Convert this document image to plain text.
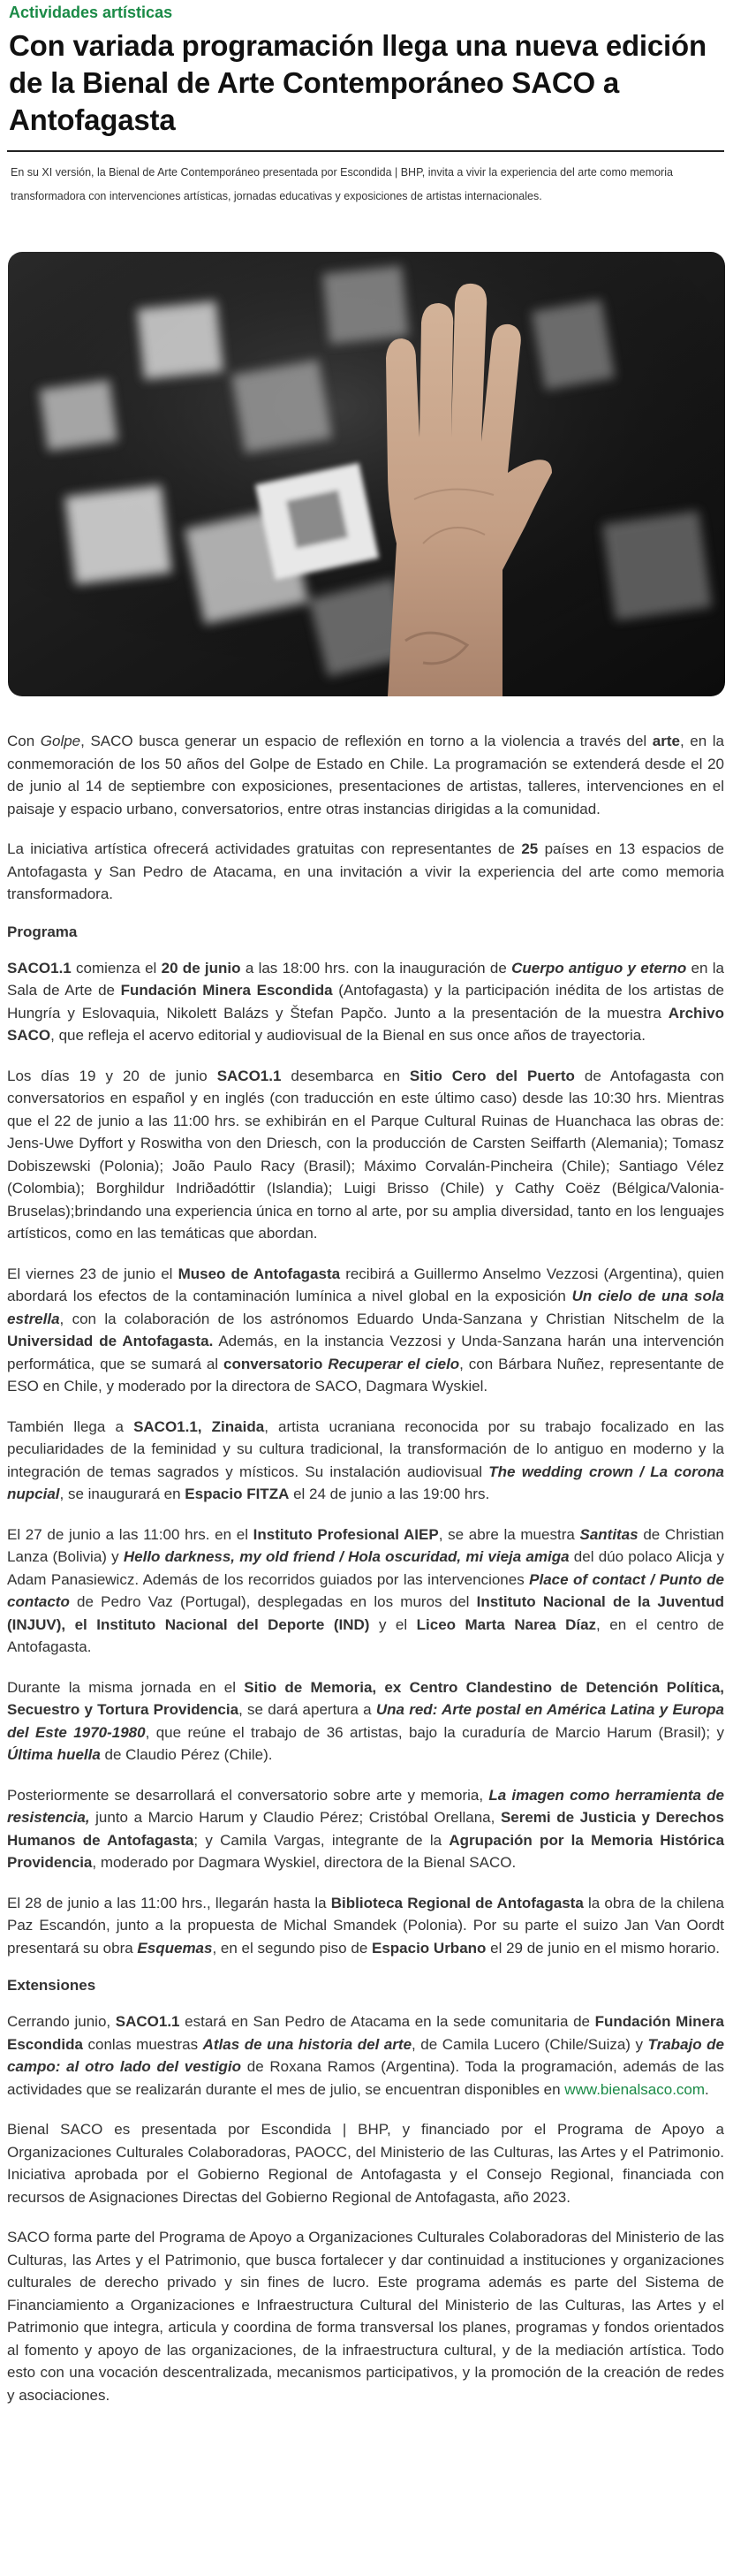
Actividades artísticas
Con variada programación llega una nueva edición de la Bienal de Arte Contemporáneo SACO a Antofagasta
En su XI versión, la Bienal de Arte Contemporáneo presentada por Escondida | BHP, invita a vivir la experiencia del arte como memoria transformadora con intervenciones artísticas, jornadas educativas y exposiciones de artistas internacionales.

Con Golpe, SACO busca generar un espacio de reflexión en torno a la violencia a través del arte, en la conmemoración de los 50 años del Golpe de Estado en Chile. La programación se extenderá desde el 20 de junio al 14 de septiembre con exposiciones, presentaciones de artistas, talleres, intervenciones en el paisaje y espacio urbano, conversatorios, entre otras instancias dirigidas a la comunidad.

La iniciativa artística ofrecerá actividades gratuitas con representantes de 25 países en 13 espacios de Antofagasta y San Pedro de Atacama, en una invitación a vivir la experiencia del arte como memoria transformadora.

Programa

SACO1.1 comienza el 20 de junio a las 18:00 hrs. con la inauguración de Cuerpo antiguo y eterno en la Sala de Arte de Fundación Minera Escondida (Antofagasta) y la participación inédita de los artistas de Hungría y Eslovaquia, Nikolett Balázs y Štefan Papčo. Junto a la presentación de la muestra Archivo SACO, que refleja el acervo editorial y audiovisual de la Bienal en sus once años de trayectoria.

Los días 19 y 20 de junio SACO1.1 desembarca en Sitio Cero del Puerto de Antofagasta con conversatorios en español y en inglés (con traducción en este último caso) desde las 10:30 hrs. Mientras que el 22 de junio a las 11:00 hrs. se exhibirán en el Parque Cultural Ruinas de Huanchaca las obras de: Jens-Uwe Dyffort y Roswitha von den Driesch, con la producción de Carsten Seiffarth (Alemania); Tomasz Dobiszewski (Polonia); João Paulo Racy (Brasil); Máximo Corvalán-Pincheira (Chile); Santiago Vélez (Colombia); Borghildur Indriðadóttir (Islandia); Luigi Brisso (Chile) y Cathy Coëz (Bélgica/Valonia-Bruselas);brindando una experiencia única en torno al arte, por su amplia diversidad, tanto en los lenguajes artísticos, como en las temáticas que abordan.

El viernes 23 de junio el Museo de Antofagasta recibirá a Guillermo Anselmo Vezzosi (Argentina), quien abordará los efectos de la contaminación lumínica a nivel global en la exposición Un cielo de una sola estrella, con la colaboración de los astrónomos Eduardo Unda-Sanzana y Christian Nitschelm de la Universidad de Antofagasta. Además, en la instancia Vezzosi y Unda-Sanzana harán una intervención performática, que se sumará al conversatorio Recuperar el cielo, con Bárbara Nuñez, representante de ESO en Chile, y moderado por la directora de SACO, Dagmara Wyskiel.

También llega a SACO1.1, Zinaida, artista ucraniana reconocida por su trabajo focalizado en las peculiaridades de la feminidad y su cultura tradicional, la transformación de lo antiguo en moderno y la integración de temas sagrados y místicos. Su instalación audiovisual The wedding crown / La corona nupcial, se inaugurará en Espacio FITZA el 24 de junio a las 19:00 hrs.

El 27 de junio a las 11:00 hrs. en el Instituto Profesional AIEP, se abre la muestra Santitas de Christian Lanza (Bolivia) y Hello darkness, my old friend / Hola oscuridad, mi vieja amiga del dúo polaco Alicja y Adam Panasiewicz. Además de los recorridos guiados por las intervenciones Place of contact / Punto de contacto de Pedro Vaz (Portugal), desplegadas en los muros del Instituto Nacional de la Juventud (INJUV), el Instituto Nacional del Deporte (IND) y el Liceo Marta Narea Díaz, en el centro de Antofagasta.

Durante la misma jornada en el Sitio de Memoria, ex Centro Clandestino de Detención Política, Secuestro y Tortura Providencia, se dará apertura a Una red: Arte postal en América Latina y Europa del Este 1970-1980, que reúne el trabajo de 36 artistas, bajo la curaduría de Marcio Harum (Brasil); y Última huella de Claudio Pérez (Chile).

Posteriormente se desarrollará el conversatorio sobre arte y memoria, La imagen como herramienta de resistencia, junto a Marcio Harum y Claudio Pérez; Cristóbal Orellana, Seremi de Justicia y Derechos Humanos de Antofagasta; y Camila Vargas, integrante de la Agrupación por la Memoria Histórica Providencia, moderado por Dagmara Wyskiel, directora de la Bienal SACO.

El 28 de junio a las 11:00 hrs., llegarán hasta la Biblioteca Regional de Antofagasta la obra de la chilena Paz Escandón, junto a la propuesta de Michal Smandek (Polonia). Por su parte el suizo Jan Van Oordt presentará su obra Esquemas, en el segundo piso de Espacio Urbano el 29 de junio en el mismo horario.

Extensiones

Cerrando junio, SACO1.1 estará en San Pedro de Atacama en la sede comunitaria de Fundación Minera Escondida conlas muestras Atlas de una historia del arte, de Camila Lucero (Chile/Suiza) y Trabajo de campo: al otro lado del vestigio de Roxana Ramos (Argentina). Toda la programación, además de las actividades que se realizarán durante el mes de julio, se encuentran disponibles en www.bienalsaco.com.

Bienal SACO es presentada por Escondida | BHP, y financiado por el Programa de Apoyo a Organizaciones Culturales Colaboradoras, PAOCC, del Ministerio de las Culturas, las Artes y el Patrimonio. Iniciativa aprobada por el Gobierno Regional de Antofagasta y el Consejo Regional, financiada con recursos de Asignaciones Directas del Gobierno Regional de Antofagasta, año 2023.

SACO forma parte del Programa de Apoyo a Organizaciones Culturales Colaboradoras del Ministerio de las Culturas, las Artes y el Patrimonio, que busca fortalecer y dar continuidad a instituciones y organizaciones culturales de derecho privado y sin fines de lucro. Este programa además es parte del Sistema de Financiamiento a Organizaciones e Infraestructura Cultural del Ministerio de las Culturas, las Artes y el Patrimonio que integra, articula y coordina de forma transversal los planes, programas y fondos orientados al fomento y apoyo de las organizaciones, de la infraestructura cultural, y de la mediación artística. Todo esto con una vocación descentralizada, mecanismos participativos, y la promoción de la creación de redes y asociaciones.
